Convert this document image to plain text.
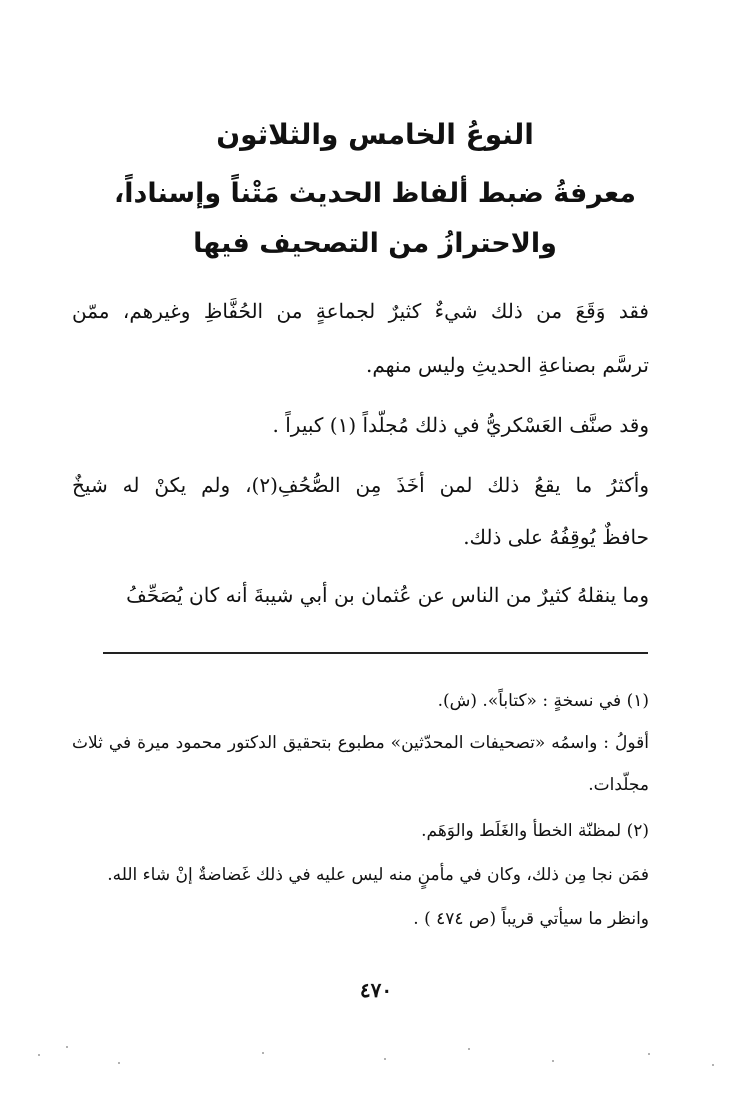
النوعُ الخامس والثلاثون
معرفةُ ضبط ألفاظ الحديث مَتْناً وإسناداً،
والاحترازُ من التصحيف فيها
فقد وَقَعَ من ذلك شيءٌ كثيرٌ لجماعةٍ من الحُفَّاظِ وغيرهم، ممّن
ترسَّم بصناعةِ الحديثِ وليس منهم.
وقد صنَّف العَسْكريُّ في ذلك مُجلّداً (١) كبيراً .
وأكثرُ ما يقعُ ذلك لمن أخَذَ مِن الصُّحُفِ(٢)، ولم يكنْ له شيخٌ
حافظٌ يُوقِفُهُ على ذلك.
وما ينقلهُ كثيرٌ من الناس عن عُثمان بن أبي شيبةَ أنه كان يُصَحِّفُ
(١) في نسخةٍ : «كتاباً». (ش).
أقولُ : واسمُه «تصحيفات المحدّثين» مطبوع بتحقيق الدكتور محمود ميرة في ثلاث
مجلّدات.
(٢) لمظنّة الخطأ والغَلَط والوَهَم.
فمَن نجا مِن ذلك، وكان في مأمنٍ منه ليس عليه في ذلك غَضاضةٌ إنْ شاء الله.
وانظر ما سيأتي قريباً (ص ٤٧٤ ) .
٤٧٠
